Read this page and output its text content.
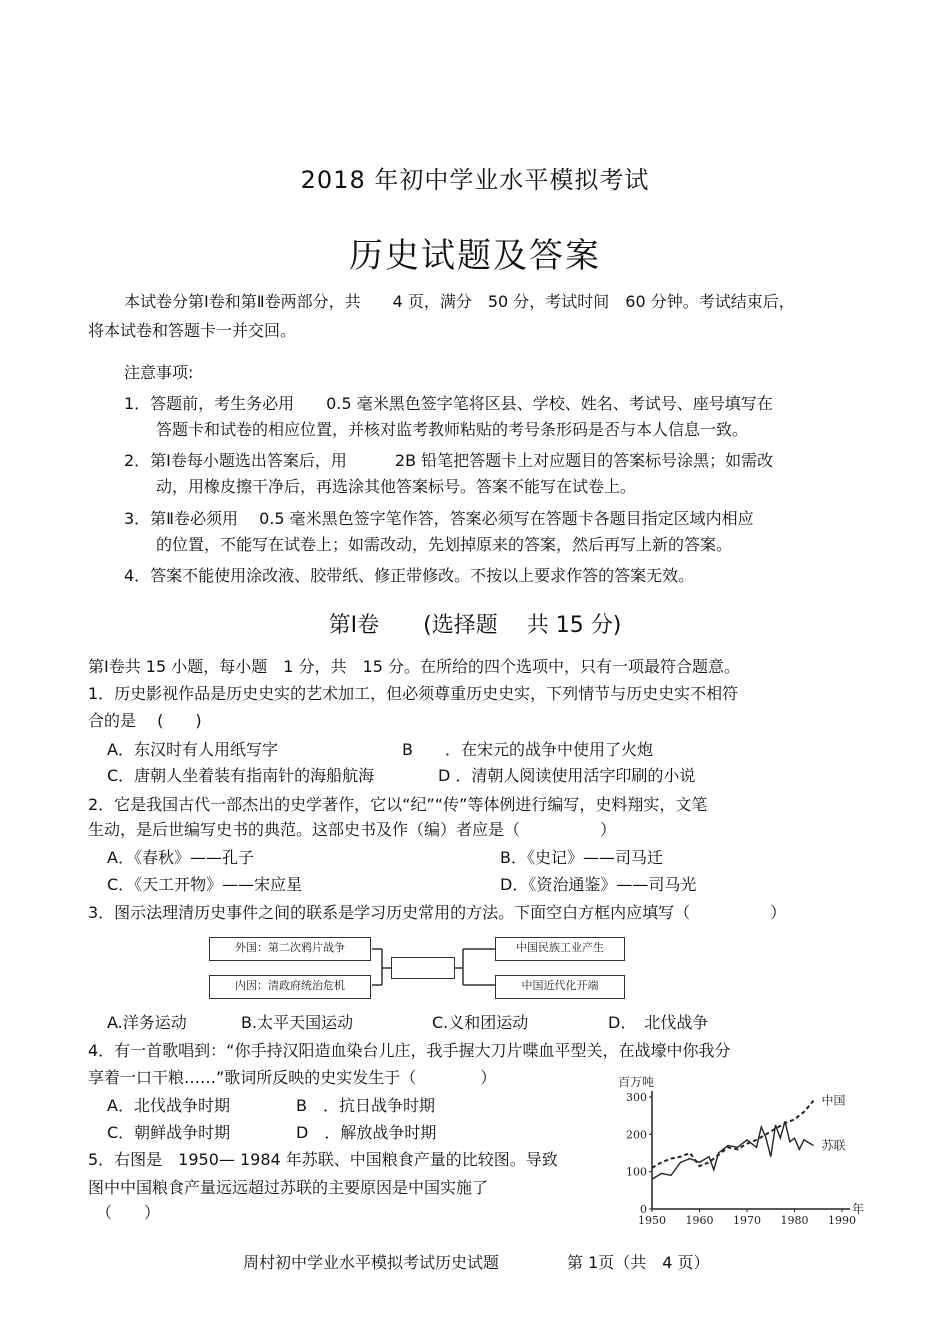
2018 年初中学业水平模拟考试
历史试题及答案
本试卷分第Ⅰ卷和第Ⅱ卷两部分，共　　4 页，满分　50 分，考试时间　60 分钟。考试结束后，
将本试卷和答题卡一并交回。
注意事项:
1．答题前，考生务必用　　0.5 毫米黑色签字笔将区县、学校、姓名、考试号、座号填写在
答题卡和试卷的相应位置，并核对监考教师粘贴的考号条形码是否与本人信息一致。
2．第Ⅰ卷每小题选出答案后，用　　　2B 铅笔把答题卡上对应题目的答案标号涂黑；如需改
动，用橡皮擦干净后，再选涂其他答案标号。答案不能写在试卷上。
3．第Ⅱ卷必须用　 0.5 毫米黑色签字笔作答，答案必须写在答题卡各题目指定区域内相应
的位置，不能写在试卷上；如需改动，先划掉原来的答案，然后再写上新的答案。
4．答案不能使用涂改液、胶带纸、修正带修改。不按以上要求作答的答案无效。
第Ⅰ卷　　(选择题　 共 15 分)
第Ⅰ卷共 15 小题，每小题　1 分，共　15 分。在所给的四个选项中，只有一项最符合题意。
1．历史影视作品是历史史实的艺术加工，但必须尊重历史史实，下列情节与历史史实不相符
合的是　 (　　)
A．东汉时有人用纸写字	B　　．在宋元的战争中使用了火炮
C．唐朝人坐着装有指南针的海船航海	D ．清朝人阅读使用活字印刷的小说
2．它是我国古代一部杰出的史学著作，它以“纪”“传”等体例进行编写，史料翔实，文笔
生动，是后世编写史书的典范。这部史书及作（编）者应是（　　　　　）
A．《春秋》——孔子	B．《史记》——司马迁
C．《天工开物》——宋应星	D．《资治通鉴》——司马光
3．图示法理清历史事件之间的联系是学习历史常用的方法。下面空白方框内应填写（　　　　　）
外国：第二次鸦片战争
内因：清政府统治危机
中国民族工业产生
中国近代化开端
A.洋务运动	B.太平天国运动	C.义和团运动	D．　北伐战争
4．有一首歌唱到：“你手持汉阳造血染台儿庄，我手握大刀片喋血平型关，在战壕中你我分
享着一口干粮……”歌词所反映的史实发生于（　　　　）
A．北伐战争时期	B　．抗日战争时期
C．朝鲜战争时期	D　．解放战争时期
5．右图是　1950— 1984 年苏联、中国粮食产量的比较图。导致
图中中国粮食产量远远超过苏联的主要原因是中国实施了
（　　）
百万吨
年
0
100
200
300
1950 1960 1970 1980 1990
中国
苏联
周村初中学业水平模拟考试历史试题	第 1页（共　4 页）
